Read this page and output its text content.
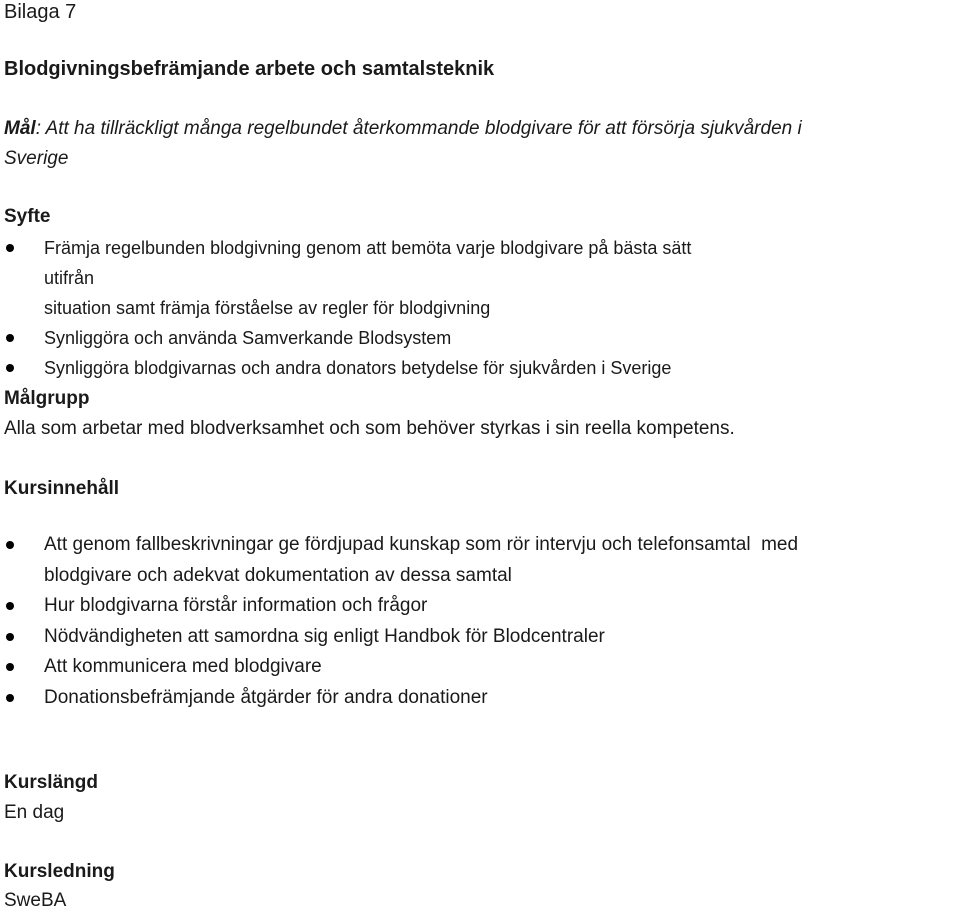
Bilaga 7
Blodgivningsbefrämjande arbete och samtalsteknik
Mål: Att ha tillräckligt många regelbundet återkommande blodgivare för att försörja sjukvården i
Sverige
Syfte
Främja regelbunden blodgivning genom att bemöta varje blodgivare på bästa sätt utifrån
situation samt främja förståelse av regler för blodgivning
Synliggöra och använda Samverkande Blodsystem
Synliggöra blodgivarnas och andra donators betydelse för sjukvården i Sverige
Målgrupp
Alla som arbetar med blodverksamhet och som behöver styrkas i sin reella kompetens.
Kursinnehåll
Att genom fallbeskrivningar ge fördjupad kunskap som rör intervju och telefonsamtal  med
blodgivare och adekvat dokumentation av dessa samtal
Hur blodgivarna förstår information och frågor
Nödvändigheten att samordna sig enligt Handbok för Blodcentraler
Att kommunicera med blodgivare
Donationsbefrämjande åtgärder för andra donationer
Kurslängd
En dag
Kursledning
SweBA
